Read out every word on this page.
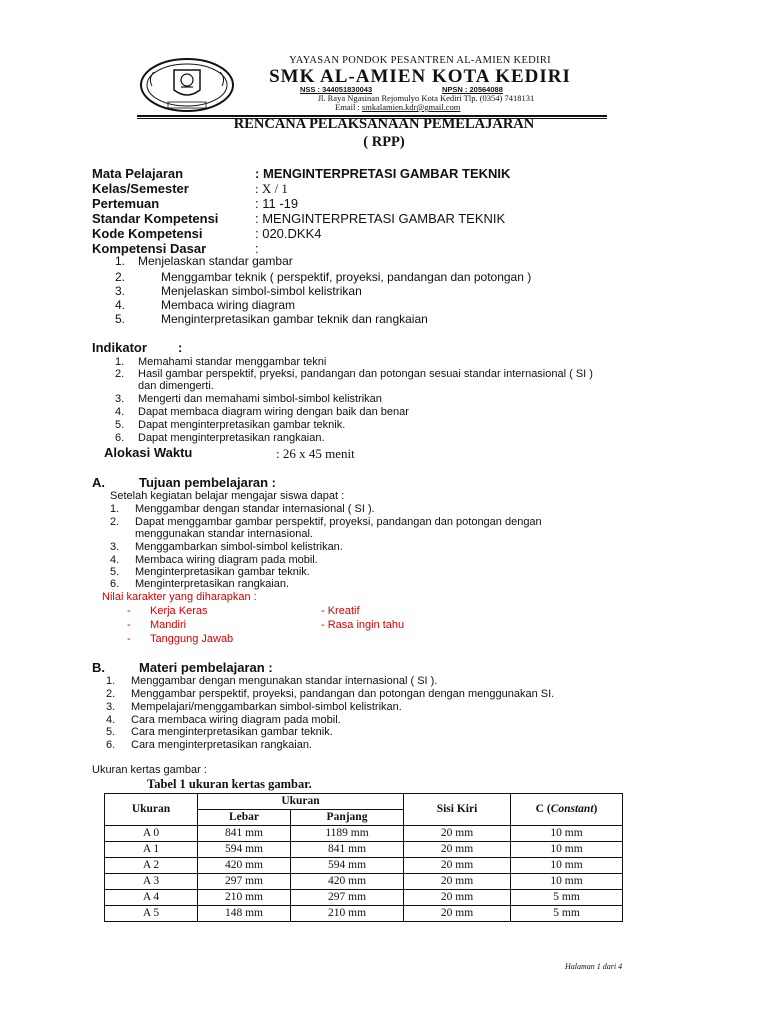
YAYASAN PONDOK PESANTREN AL-AMIEN KEDIRI
SMK AL-AMIEN KOTA KEDIRI
NSS : 344051830043	NPSN : 20564088
Jl. Raya Ngasinan Rejomulyo Kota Kediri Tlp. (0354) 7418131
Email : smkalamien.kdr@gmail.com
RENCANA PELAKSANAAN PEMELAJARAN
( RPP)
Mata Pelajaran	: MENGINTERPRETASI GAMBAR TEKNIK
Kelas/Semester	: X / 1
Pertemuan	: 11 -19
Standar Kompetensi	: MENGINTERPRETASI GAMBAR TEKNIK
Kode Kompetensi	: 020.DKK4
Kompetensi Dasar	:
1. Menjelaskan standar gambar
2.	Menggambar teknik ( perspektif, proyeksi, pandangan dan potongan )
3.	Menjelaskan simbol-simbol kelistrikan
4.	Membaca wiring diagram
5.	Menginterpretasikan gambar teknik dan rangkaian
Indikator :
1. Memahami standar menggambar tekni
2. Hasil gambar perspektif, pryeksi, pandangan dan potongan sesuai standar internasional ( SI )
dan dimengerti.
3. Mengerti dan memahami simbol-simbol kelistrikan
4. Dapat membaca diagram wiring dengan baik dan benar
5. Dapat menginterpretasikan gambar teknik.
6. Dapat menginterpretasikan rangkaian.
Alokasi Waktu	: 26 x 45 menit
A.	Tujuan pembelajaran :
Setelah kegiatan belajar mengajar siswa dapat :
1. Menggambar dengan standar internasional ( SI ).
2. Dapat menggambar gambar perspektif, proyeksi, pandangan dan potongan dengan
menggunakan standar internasional.
3. Menggambarkan simbol-simbol kelistrikan.
4. Membaca wiring diagram pada mobil.
5. Menginterpretasikan gambar teknik.
6. Menginterpretasikan rangkaian.
Nilai karakter yang diharapkan :
- Kerja Keras	- Kreatif
- Mandiri	- Rasa ingin tahu
- Tanggung Jawab
B.	Materi pembelajaran :
1. Menggambar dengan mengunakan standar internasional ( SI ).
2. Menggambar perspektif, proyeksi, pandangan dan potongan dengan menggunakan SI.
3. Mempelajari/menggambarkan simbol-simbol kelistrikan.
4. Cara membaca wiring diagram pada mobil.
5. Cara menginterpretasikan gambar teknik.
6. Cara menginterpretasikan rangkaian.
Ukuran kertas gambar :
Tabel 1 ukuran kertas gambar.
Ukuran	Ukuran		Sisi Kiri	C (Constant)
	Lebar	Panjang		
A 0	841 mm	1189 mm	20 mm	10 mm
A 1	594 mm	841 mm	20 mm	10 mm
A 2	420 mm	594 mm	20 mm	10 mm
A 3	297 mm	420 mm	20 mm	10 mm
A 4	210 mm	297 mm	20 mm	5 mm
A 5	148 mm	210 mm	20 mm	5 mm
Halaman 1 dari 4
